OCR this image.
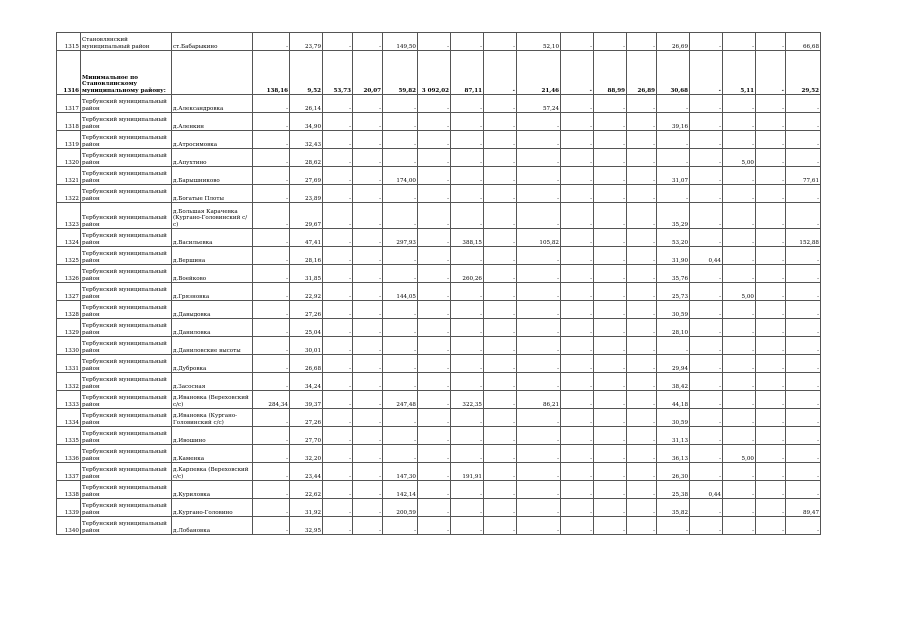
1315	Становлянский муниципальный район	ст.Бабарыкино	-	23,79	-	-	149,50	-	-	-	52,10	-	-	-	26,69	-	-	-	66,68
1316	Минимальное по Становлянскому муниципальному району:		138,16	9,52	53,73	20,07	59,82	3 092,02	87,11	-	21,46	-	88,99	26,89	30,68	-	5,11	-	29,52
1317	Тербунский муниципальный район	д.Александровка	-	26,14	-	-	-	-	-	-	57,24	-	-	-	-	-	-	-	-
1318	Тербунский муниципальный район	д.Аленкин	-	34,90	-	-	-	-	-	-	-	-	-	-	39,16	-	-	-	-
1319	Тербунский муниципальный район	д.Атросимовка	-	32,43	-	-	-	-	-	-	-	-	-	-	-	-	-	-	-
1320	Тербунский муниципальный район	д.Апухтино	-	28,62	-	-	-	-	-	-	-	-	-	-	-	-	5,00	-	-
1321	Тербунский муниципальный район	д.Барышниково	-	27,69	-	-	174,00	-	-	-	-	-	-	-	31,07	-	-	-	77,61
1322	Тербунский муниципальный район	д.Богатые Плоты	-	23,89	-	-	-	-	-	-	-	-	-	-	-	-	-	-	-
1323	Тербунский муниципальный район	д.Большая Карачевка (Кургано-Головинский с/с)	-	29,67	-	-	-	-	-	-	-	-	-	-	35,29	-	-	-	-
1324	Тербунский муниципальный район	д.Васильевка	-	47,41	-	-	297,93	-	388,15	-	105,82	-	-	-	53,20	-	-	-	152,88
1325	Тербунский муниципальный район	д.Вершина	-	28,16	-	-	-	-	-	-	-	-	-	-	31,90	0,44	-	-	-
1326	Тербунский муниципальный район	д.Воейково	-	31,85	-	-	-	-	260,26	-	-	-	-	-	35,76	-	-	-	-
1327	Тербунский муниципальный район	д.Грязновка	-	22,92	-	-	144,05	-	-	-	-	-	-	-	25,73	-	5,00	-	-
1328	Тербунский муниципальный район	д.Давыдовка	-	27,26	-	-	-	-	-	-	-	-	-	-	30,59	-	-	-	-
1329	Тербунский муниципальный район	д.Даниловка	-	25,04	-	-	-	-	-	-	-	-	-	-	28,10	-	-	-	-
1330	Тербунский муниципальный район	д.Даниловские высоты	-	30,01	-	-	-	-	-	-	-	-	-	-	-	-	-	-	-
1331	Тербунский муниципальный район	д.Дубровка	-	26,68	-	-	-	-	-	-	-	-	-	-	29,94	-	-	-	-
1332	Тербунский муниципальный район	д.Засосная	-	34,24	-	-	-	-	-	-	-	-	-	-	38,42	-	-	-	-
1333	Тербунский муниципальный район	д.Ивановка (Вереховский с/с)	284,34	39,37	-	-	247,48	-	322,35	-	86,21	-	-	-	44,18	-	-	-	-
1334	Тербунский муниципальный район	д.Ивановка (Кургано-Головинский с/с)	-	27,26	-	-	-	-	-	-	-	-	-	-	30,59	-	-	-	-
1335	Тербунский муниципальный район	д.Ивошино	-	27,70	-	-	-	-	-	-	-	-	-	-	31,13	-	-	-	-
1336	Тербунский муниципальный район	д.Каменка	-	32,20	-	-	-	-	-	-	-	-	-	-	36,13	-	5,00	-	-
1337	Тербунский муниципальный район	д.Карпевка (Вереховский с/с)	-	23,44	-	-	147,30	-	191,91	-	-	-	-	-	26,30	-	-	-	-
1338	Тербунский муниципальный район	д.Куриловка	-	22,62	-	-	142,14	-	-	-	-	-	-	-	25,38	0,44	-	-	-
1339	Тербунский муниципальный район	д.Кургано-Головино	-	31,92	-	-	200,59	-	-	-	-	-	-	-	35,82	-	-	-	89,47
1340	Тербунский муниципальный район	д.Лобановка	-	32,95	-	-	-	-	-	-	-	-	-	-	-	-	-	-	-
